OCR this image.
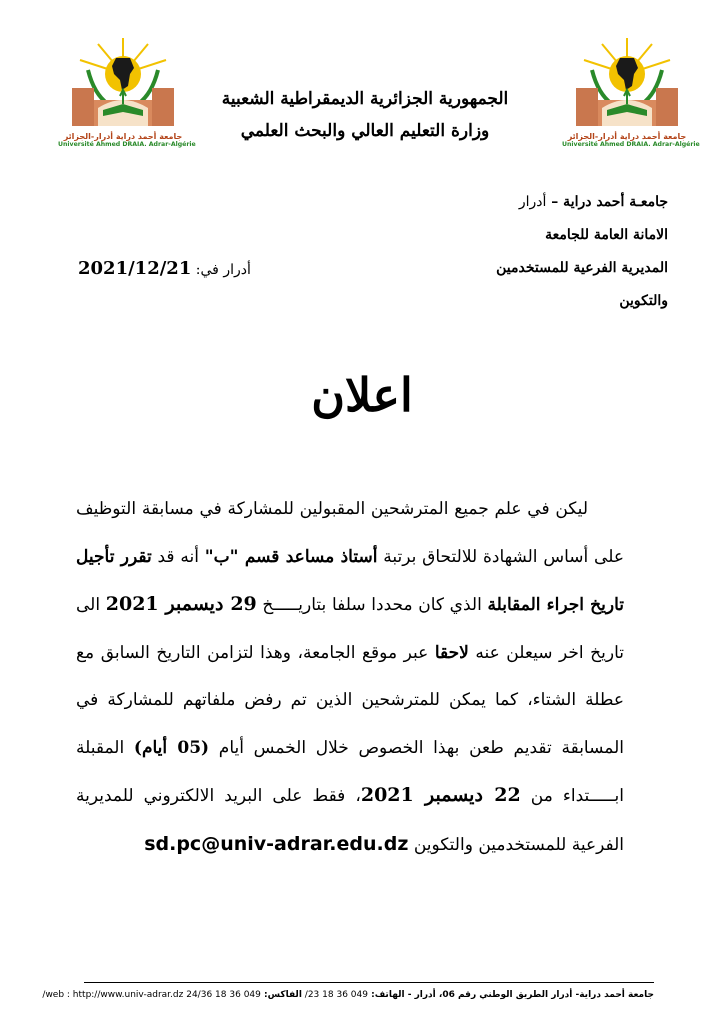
جامعة أحمد دراية أدرار-الجزائر
Université Ahmed DRAIA. Adrar-Algérie
جامعة أحمد دراية أدرار-الجزائر
Université Ahmed DRAIA. Adrar-Algérie
الجمهورية الجزائرية الديمقراطية الشعبية
وزارة التعليم العالي والبحث العلمي
جامعـة أحمد دراية – أدرار
الامانة العامة للجامعة
المديرية الفرعية للمستخدمين
والتكوين
أدرار في: 2021/12/21
اعلان
ليكن في علم جميع المترشحين المقبولين للمشاركة في مسابقة التوظيف على أساس الشهادة للالتحاق برتبة أستاذ مساعد قسم "ب" أنه قد تقرر تأجيل تاريخ اجراء المقابلة الذي كان محددا سلفا بتاريـــــخ 29 ديسمبر 2021 الى تاريخ اخر سيعلن عنه لاحقا عبر موقع الجامعة، وهذا لتزامن التاريخ السابق مع عطلة الشتاء، كما يمكن للمترشحين الذين تم رفض ملفاتهم للمشاركة في المسابقة تقديم طعن بهذا الخصوص خلال الخمس أيام (05 أيام) المقبلة ابـــــتداء من 22 ديسمبر 2021، فقط على البريد الالكتروني للمديرية الفرعية للمستخدمين والتكوين sd.pc@univ-adrar.edu.dz
جامعة أحمد دراية- أدرار الطريق الوطني رقم 06، أدرار - الهاتف: 049 36 18 23/ الفاكس: 049 36 18 24/36 web : http://www.univ-adrar.dz/
